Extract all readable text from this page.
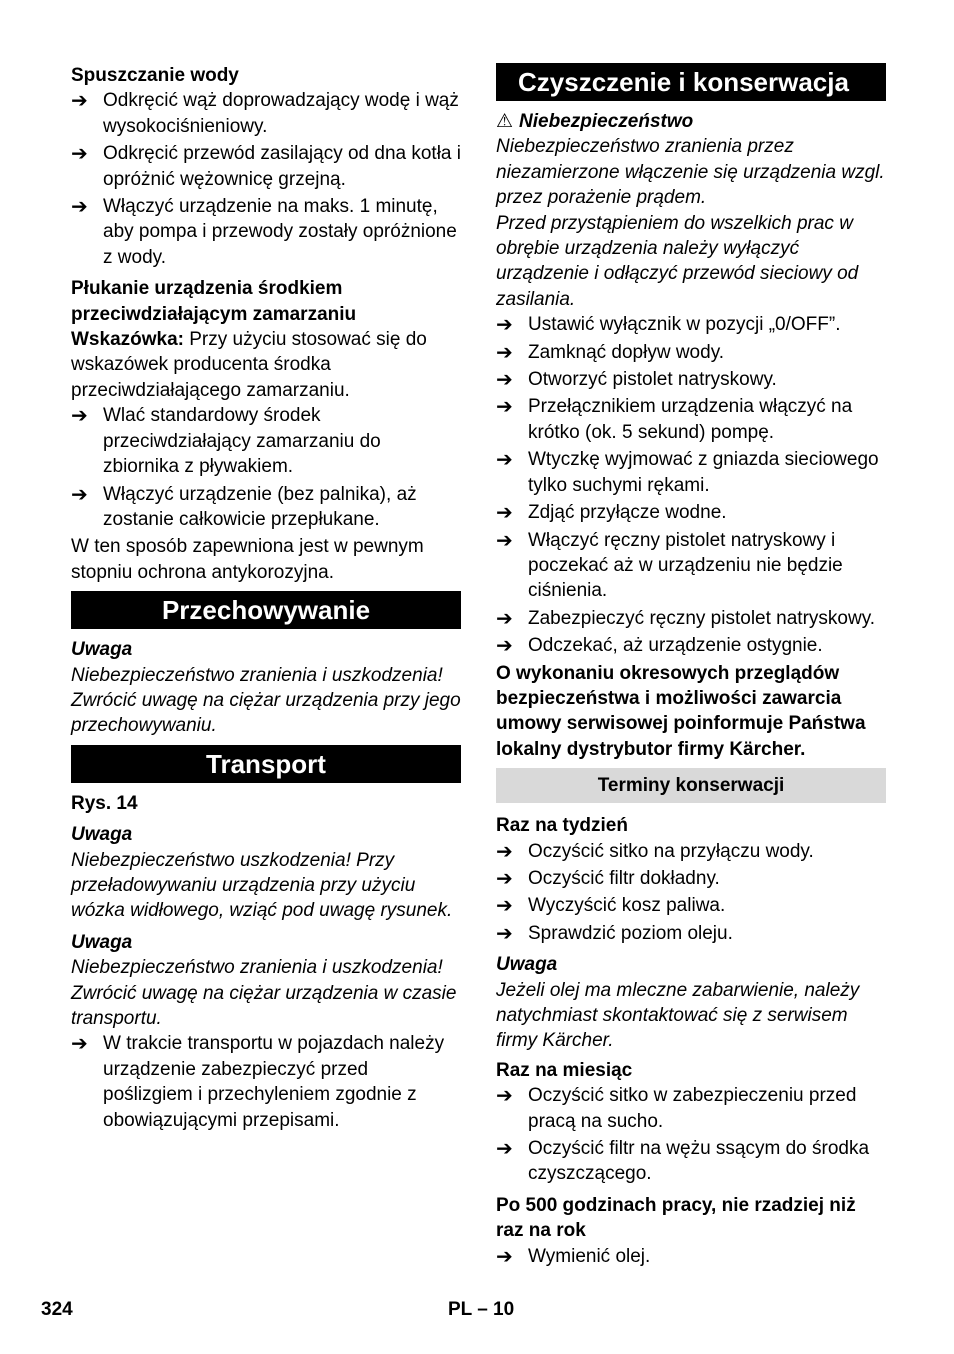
Spuszczanie wody

➔ Odkręcić wąż doprowadzający wodę i wąż wysokociśnieniowy.
➔ Odkręcić przewód zasilający od dna kotła i opróżnić wężownicę grzejną.
➔ Włączyć urządzenie na maks. 1 minutę, aby pompa i przewody zostały opróżnione z wody.

Płukanie urządzenia środkiem przeciwdziałającym zamarzaniu

Wskazówka: Przy użyciu stosować się do wskazówek producenta środka przeciwdziałającego zamarzaniu.

➔ Wlać standardowy środek przeciwdziałający zamarzaniu do zbiornika z pływakiem.
➔ Włączyć urządzenie (bez palnika), aż zostanie całkowicie przepłukane.

W ten sposób zapewniona jest w pewnym stopniu ochrona antykorozyjna.

Przechowywanie

Uwaga

Niebezpieczeństwo zranienia i uszkodzenia! Zwrócić uwagę na ciężar urządzenia przy jego przechowywaniu.

Transport

Rys. 14

Uwaga

Niebezpieczeństwo uszkodzenia! Przy przeładowywaniu urządzenia przy użyciu wózka widłowego, wziąć pod uwagę rysunek.

Uwaga

Niebezpieczeństwo zranienia i uszkodzenia! Zwrócić uwagę na ciężar urządzenia w czasie transportu.

➔ W trakcie transportu w pojazdach należy urządzenie zabezpieczyć przed poślizgiem i przechyleniem zgodnie z obowiązującymi przepisami.
Czyszczenie i konserwacja

⚠ Niebezpieczeństwo

Niebezpieczeństwo zranienia przez niezamierzone włączenie się urządzenia wzgl. przez porażenie prądem.

Przed przystąpieniem do wszelkich prac w obrębie urządzenia należy wyłączyć urządzenie i odłączyć przewód sieciowy od zasilania.

➔ Ustawić wyłącznik w pozycji „0/OFF”.
➔ Zamknąć dopływ wody.
➔ Otworzyć pistolet natryskowy.
➔ Przełącznikiem urządzenia włączyć na krótko (ok. 5 sekund) pompę.
➔ Wtyczkę wyjmować z gniazda sieciowego tylko suchymi rękami.
➔ Zdjąć przyłącze wodne.
➔ Włączyć ręczny pistolet natryskowy i poczekać aż w urządzeniu nie będzie ciśnienia.
➔ Zabezpieczyć ręczny pistolet natryskowy.
➔ Odczekać, aż urządzenie ostygnie.

O wykonaniu okresowych przeglądów bezpieczeństwa i możliwości zawarcia umowy serwisowej poinformuje Państwa lokalny dystrybutor firmy Kärcher.

Terminy konserwacji

Raz na tydzień

➔ Oczyścić sitko na przyłączu wody.
➔ Oczyścić filtr dokładny.
➔ Wyczyścić kosz paliwa.
➔ Sprawdzić poziom oleju.

Uwaga

Jeżeli olej ma mleczne zabarwienie, należy natychmiast skontaktować się z serwisem firmy Kärcher.

Raz na miesiąc

➔ Oczyścić sitko w zabezpieczeniu przed pracą na sucho.
➔ Oczyścić filtr na wężu ssącym do środka czyszczącego.

Po 500 godzinach pracy, nie rzadziej niż raz na rok

➔ Wymienić olej.
324	PL – 10
